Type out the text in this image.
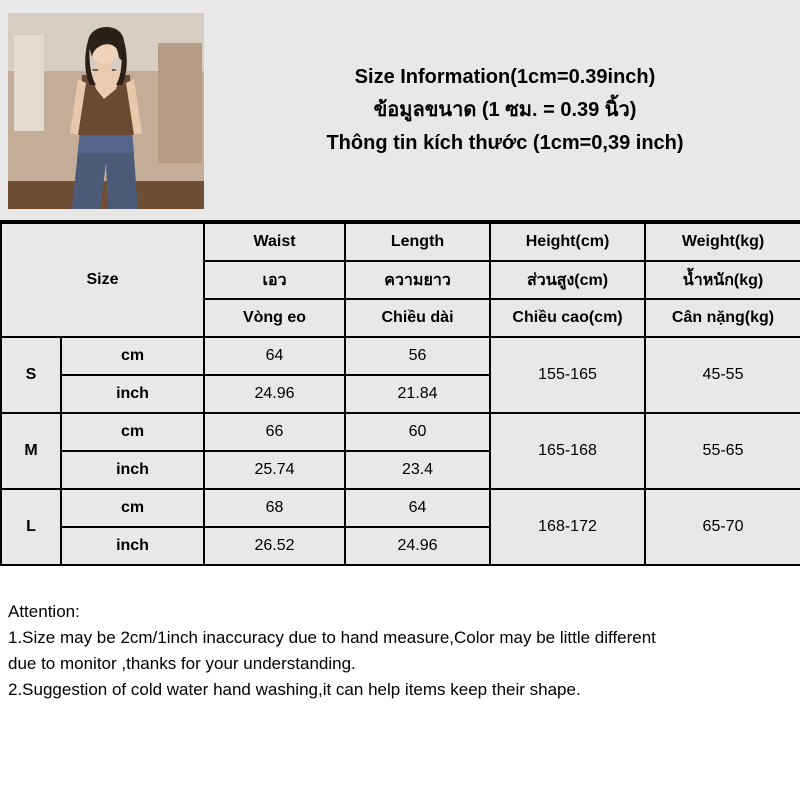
Size Information(1cm=0.39inch)
ข้อมูลขนาด (1 ซม. = 0.39 นิ้ว)
Thông tin kích thước (1cm=0,39 inch)
Size		Waist	Length	Height(cm)	Weight(kg)
		เอว	ความยาว	ส่วนสูง(cm)	น้ำหนัก(kg)
		Vòng eo	Chiều dài	Chiều cao(cm)	Cân nặng(kg)
S	cm	64	56	155-165	45-55
	inch	24.96	21.84		
M	cm	66	60	165-168	55-65
	inch	25.74	23.4		
L	cm	68	64	168-172	65-70
	inch	26.52	24.96		

Attention:

1.Size may be 2cm/1inch inaccuracy due to hand measure,Color may be little different

due to monitor ,thanks for your understanding.

2.Suggestion of cold water hand washing,it can help items keep their shape.
